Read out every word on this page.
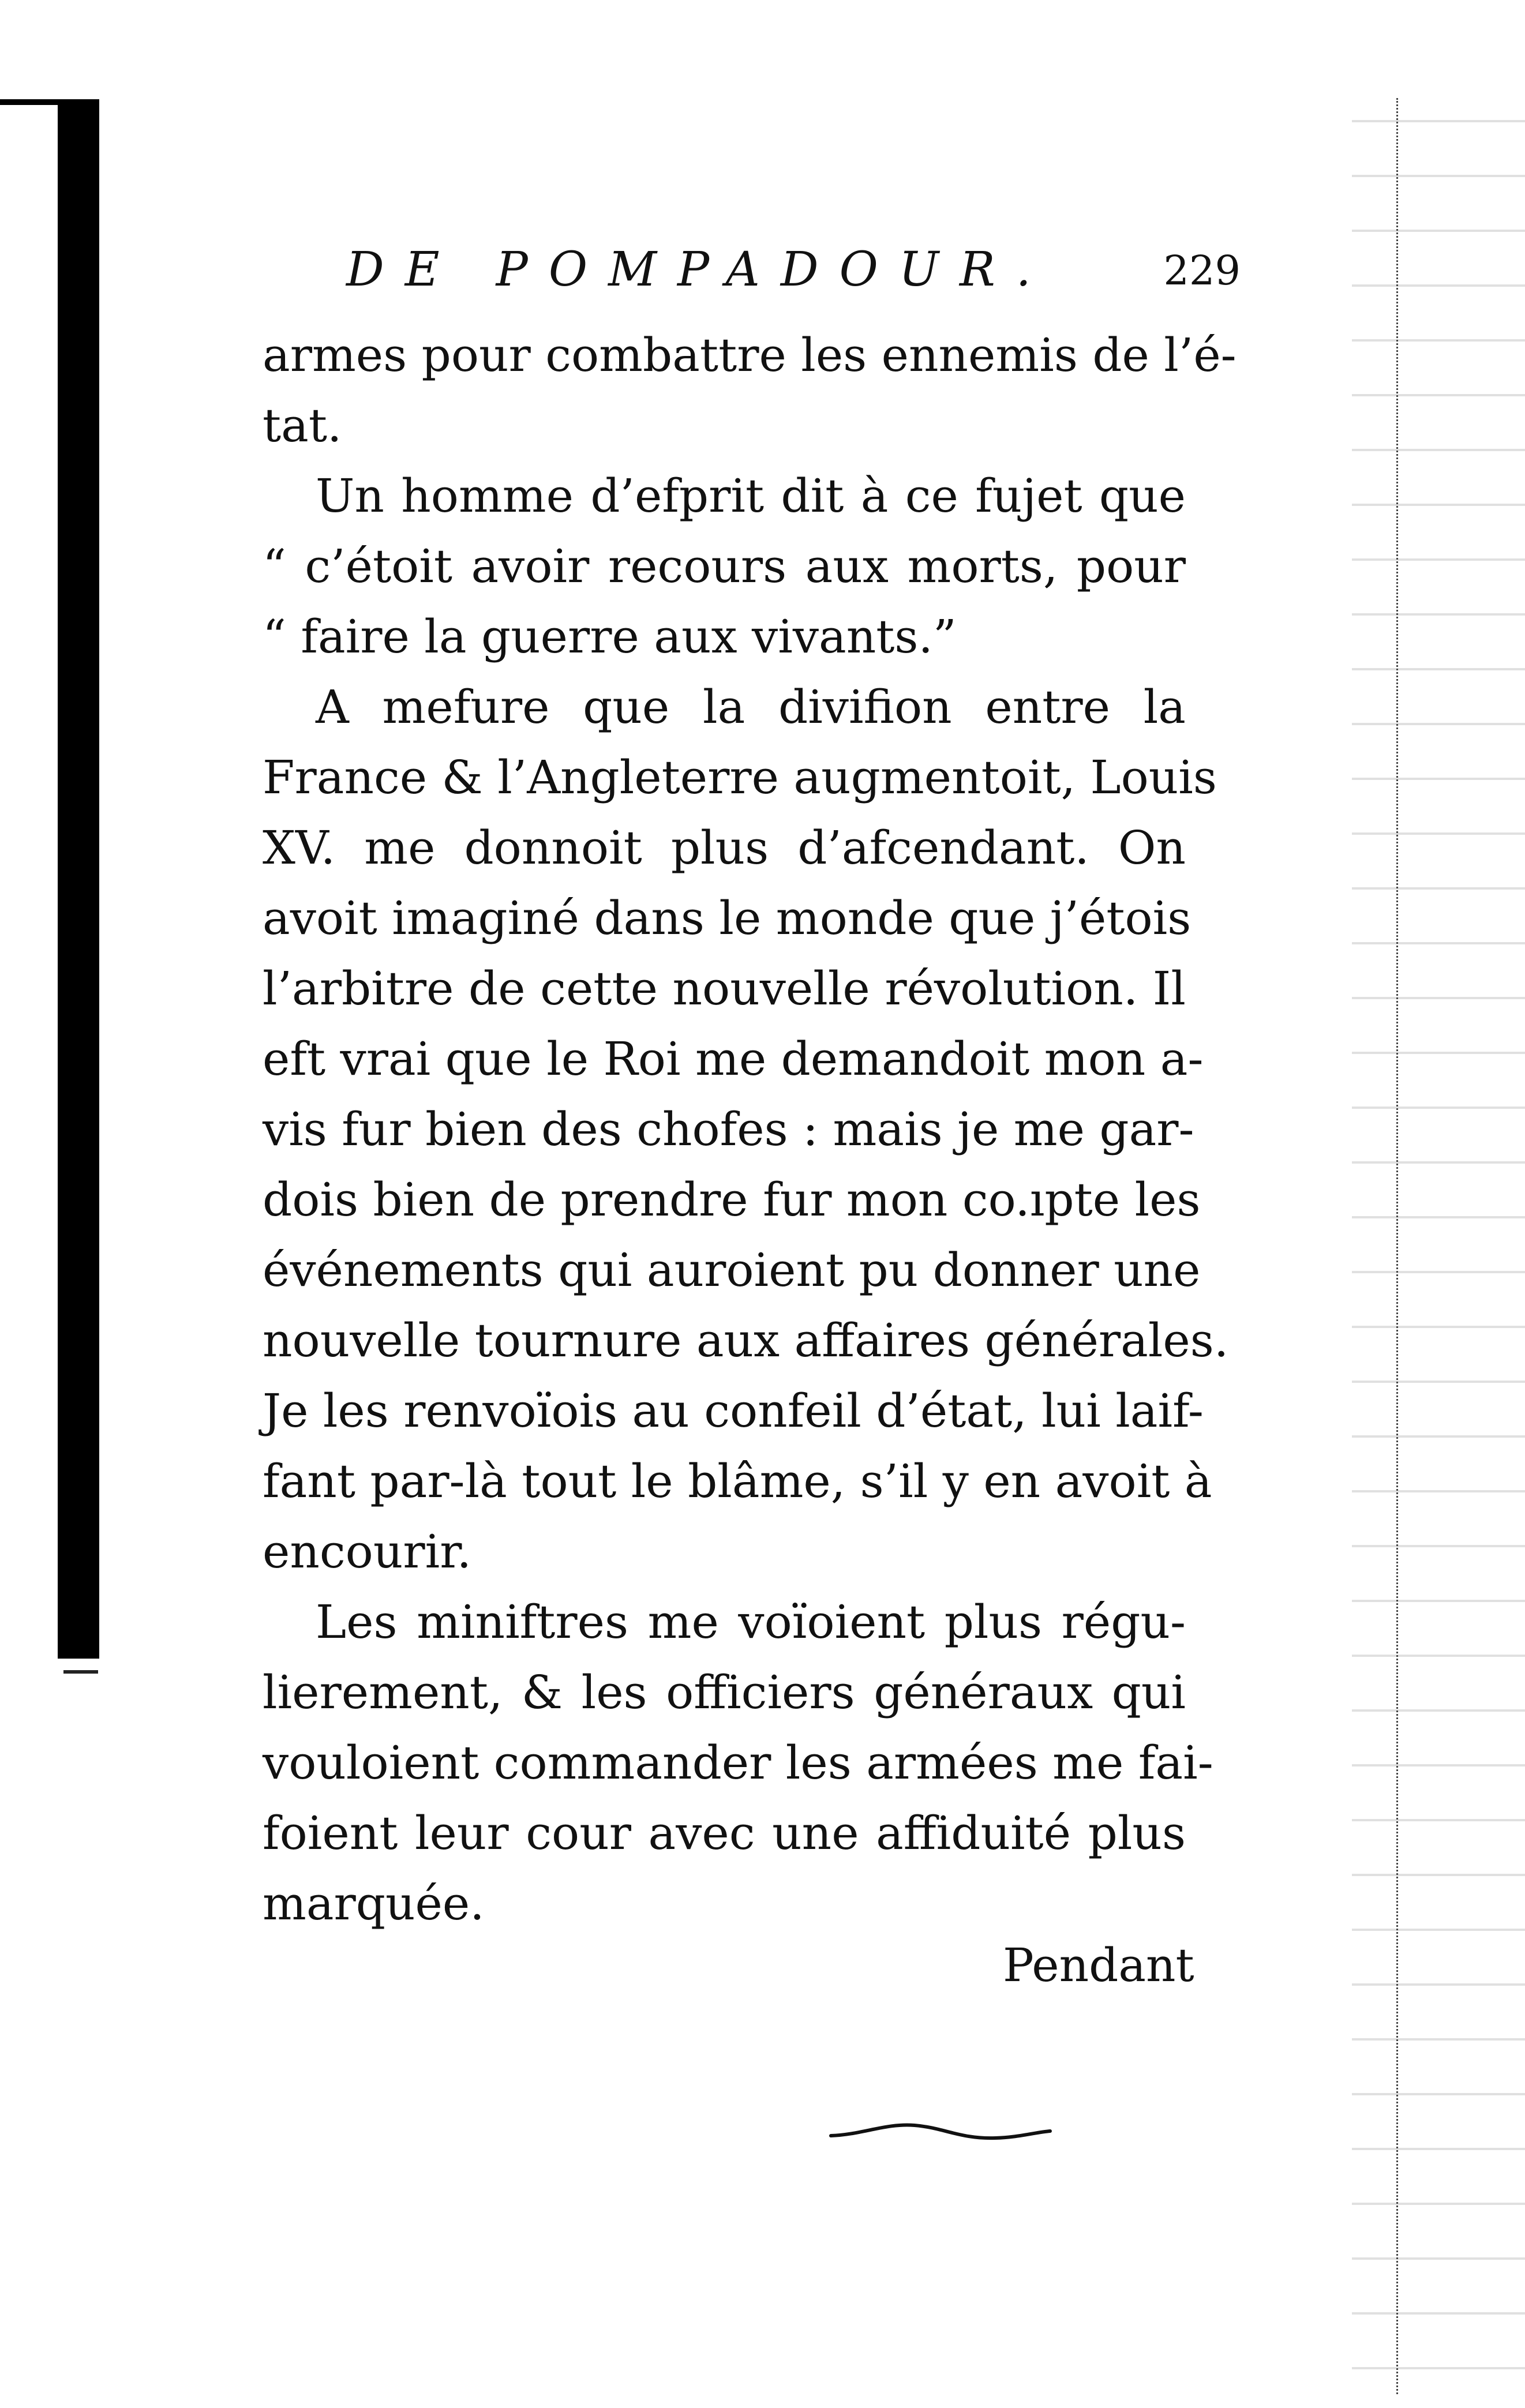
DE POMPADOUR.	229
armes pour combattre les ennemis de l’é-
tat.
Un homme d’efprit dit à ce fujet que
“ c’étoit avoir recours aux morts, pour
“ faire la guerre aux vivants.”
A mefure que la divifion entre la
France & l’Angleterre augmentoit, Louis
XV. me donnoit plus d’afcendant. On
avoit imaginé dans le monde que j’étois
l’arbitre de cette nouvelle révolution. Il
eft vrai que le Roi me demandoit mon a-
vis fur bien des chofes : mais je me gar-
dois bien de prendre fur mon co.ıpte les
événements qui auroient pu donner une
nouvelle tournure aux affaires générales.
Je les renvoïois au confeil d’état, lui laif-
fant par-là tout le blâme, s’il y en avoit à
encourir.
Les miniftres me voïoient plus régu-
lierement, & les officiers généraux qui
vouloient commander les armées me fai-
foient leur cour avec une affiduité plus
marquée.
Pendant
